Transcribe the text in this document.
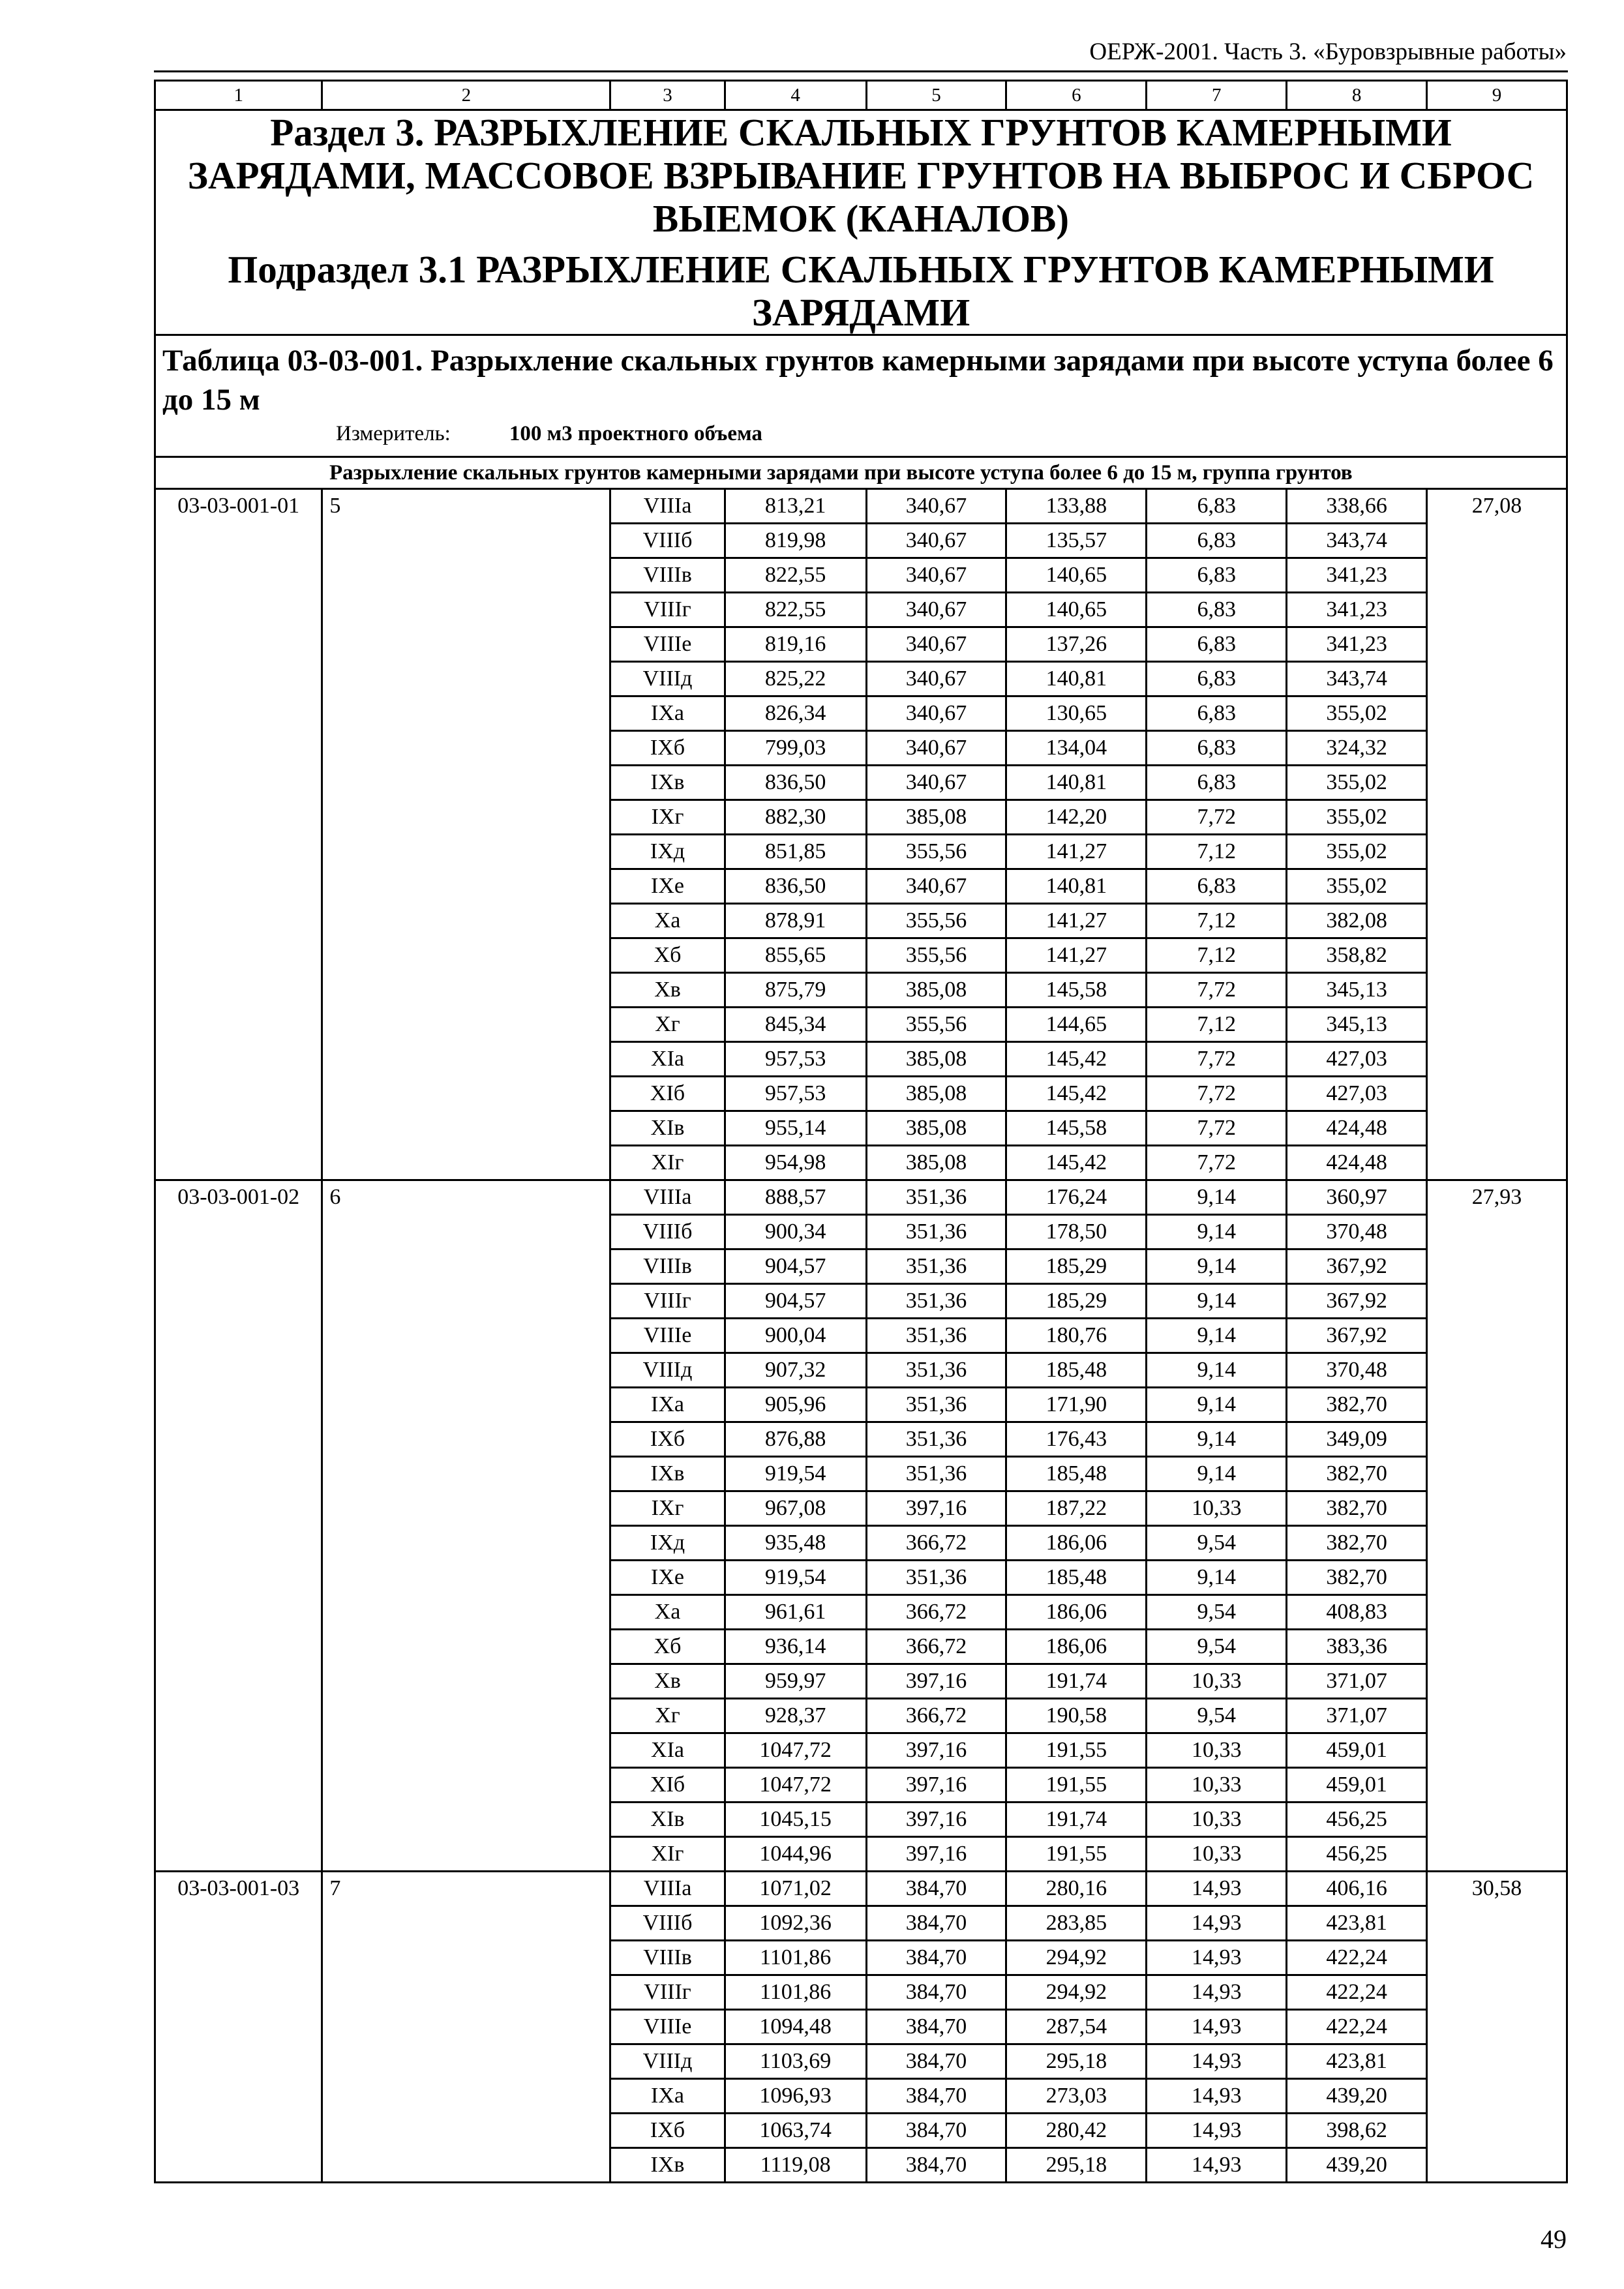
ОЕРЖ-2001. Часть 3. «Буровзрывные работы»
1	2	3	4	5	6	7	8	9

Раздел 3. РАЗРЫХЛЕНИЕ СКАЛЬНЫХ ГРУНТОВ КАМЕРНЫМИ ЗАРЯДАМИ, МАССОВОЕ ВЗРЫВАНИЕ ГРУНТОВ НА ВЫБРОС И СБРОС ВЫЕМОК (КАНАЛОВ)
Подраздел 3.1 РАЗРЫХЛЕНИЕ СКАЛЬНЫХ ГРУНТОВ КАМЕРНЫМИ ЗАРЯДАМИ								

Таблица 03-03-001. Разрыхление скальных грунтов камерными зарядами при высоте уступа более 6 до 15 м
Измеритель: 100 м3 проектного объема								

Разрыхление скальных грунтов камерными зарядами при высоте уступа более 6 до 15 м, группа грунтов								
03-03-001-01	5	VIIIа	813,21	340,67	133,88	6,83	338,66	27,08
		VIIIб	819,98	340,67	135,57	6,83	343,74	
		VIIIв	822,55	340,67	140,65	6,83	341,23	
		VIIIг	822,55	340,67	140,65	6,83	341,23	
		VIIIе	819,16	340,67	137,26	6,83	341,23	
		VIIIд	825,22	340,67	140,81	6,83	343,74	
		IXа	826,34	340,67	130,65	6,83	355,02	
		IXб	799,03	340,67	134,04	6,83	324,32	
		IXв	836,50	340,67	140,81	6,83	355,02	
		IXг	882,30	385,08	142,20	7,72	355,02	
		IXд	851,85	355,56	141,27	7,12	355,02	
		IXе	836,50	340,67	140,81	6,83	355,02	
		Xа	878,91	355,56	141,27	7,12	382,08	
		Xб	855,65	355,56	141,27	7,12	358,82	
		Xв	875,79	385,08	145,58	7,72	345,13	
		Xг	845,34	355,56	144,65	7,12	345,13	
		XIа	957,53	385,08	145,42	7,72	427,03	
		XIб	957,53	385,08	145,42	7,72	427,03	
		XIв	955,14	385,08	145,58	7,72	424,48	
		XIг	954,98	385,08	145,42	7,72	424,48	
03-03-001-02	6	VIIIа	888,57	351,36	176,24	9,14	360,97	27,93
		VIIIб	900,34	351,36	178,50	9,14	370,48	
		VIIIв	904,57	351,36	185,29	9,14	367,92	
		VIIIг	904,57	351,36	185,29	9,14	367,92	
		VIIIе	900,04	351,36	180,76	9,14	367,92	
		VIIIд	907,32	351,36	185,48	9,14	370,48	
		IXа	905,96	351,36	171,90	9,14	382,70	
		IXб	876,88	351,36	176,43	9,14	349,09	
		IXв	919,54	351,36	185,48	9,14	382,70	
		IXг	967,08	397,16	187,22	10,33	382,70	
		IXд	935,48	366,72	186,06	9,54	382,70	
		IXе	919,54	351,36	185,48	9,14	382,70	
		Xа	961,61	366,72	186,06	9,54	408,83	
		Xб	936,14	366,72	186,06	9,54	383,36	
		Xв	959,97	397,16	191,74	10,33	371,07	
		Xг	928,37	366,72	190,58	9,54	371,07	
		XIа	1047,72	397,16	191,55	10,33	459,01	
		XIб	1047,72	397,16	191,55	10,33	459,01	
		XIв	1045,15	397,16	191,74	10,33	456,25	
		XIг	1044,96	397,16	191,55	10,33	456,25	
03-03-001-03	7	VIIIа	1071,02	384,70	280,16	14,93	406,16	30,58
		VIIIб	1092,36	384,70	283,85	14,93	423,81	
		VIIIв	1101,86	384,70	294,92	14,93	422,24	
		VIIIг	1101,86	384,70	294,92	14,93	422,24	
		VIIIе	1094,48	384,70	287,54	14,93	422,24	
		VIIIд	1103,69	384,70	295,18	14,93	423,81	
		IXа	1096,93	384,70	273,03	14,93	439,20	
		IXб	1063,74	384,70	280,42	14,93	398,62	
		IXв	1119,08	384,70	295,18	14,93	439,20	
49
